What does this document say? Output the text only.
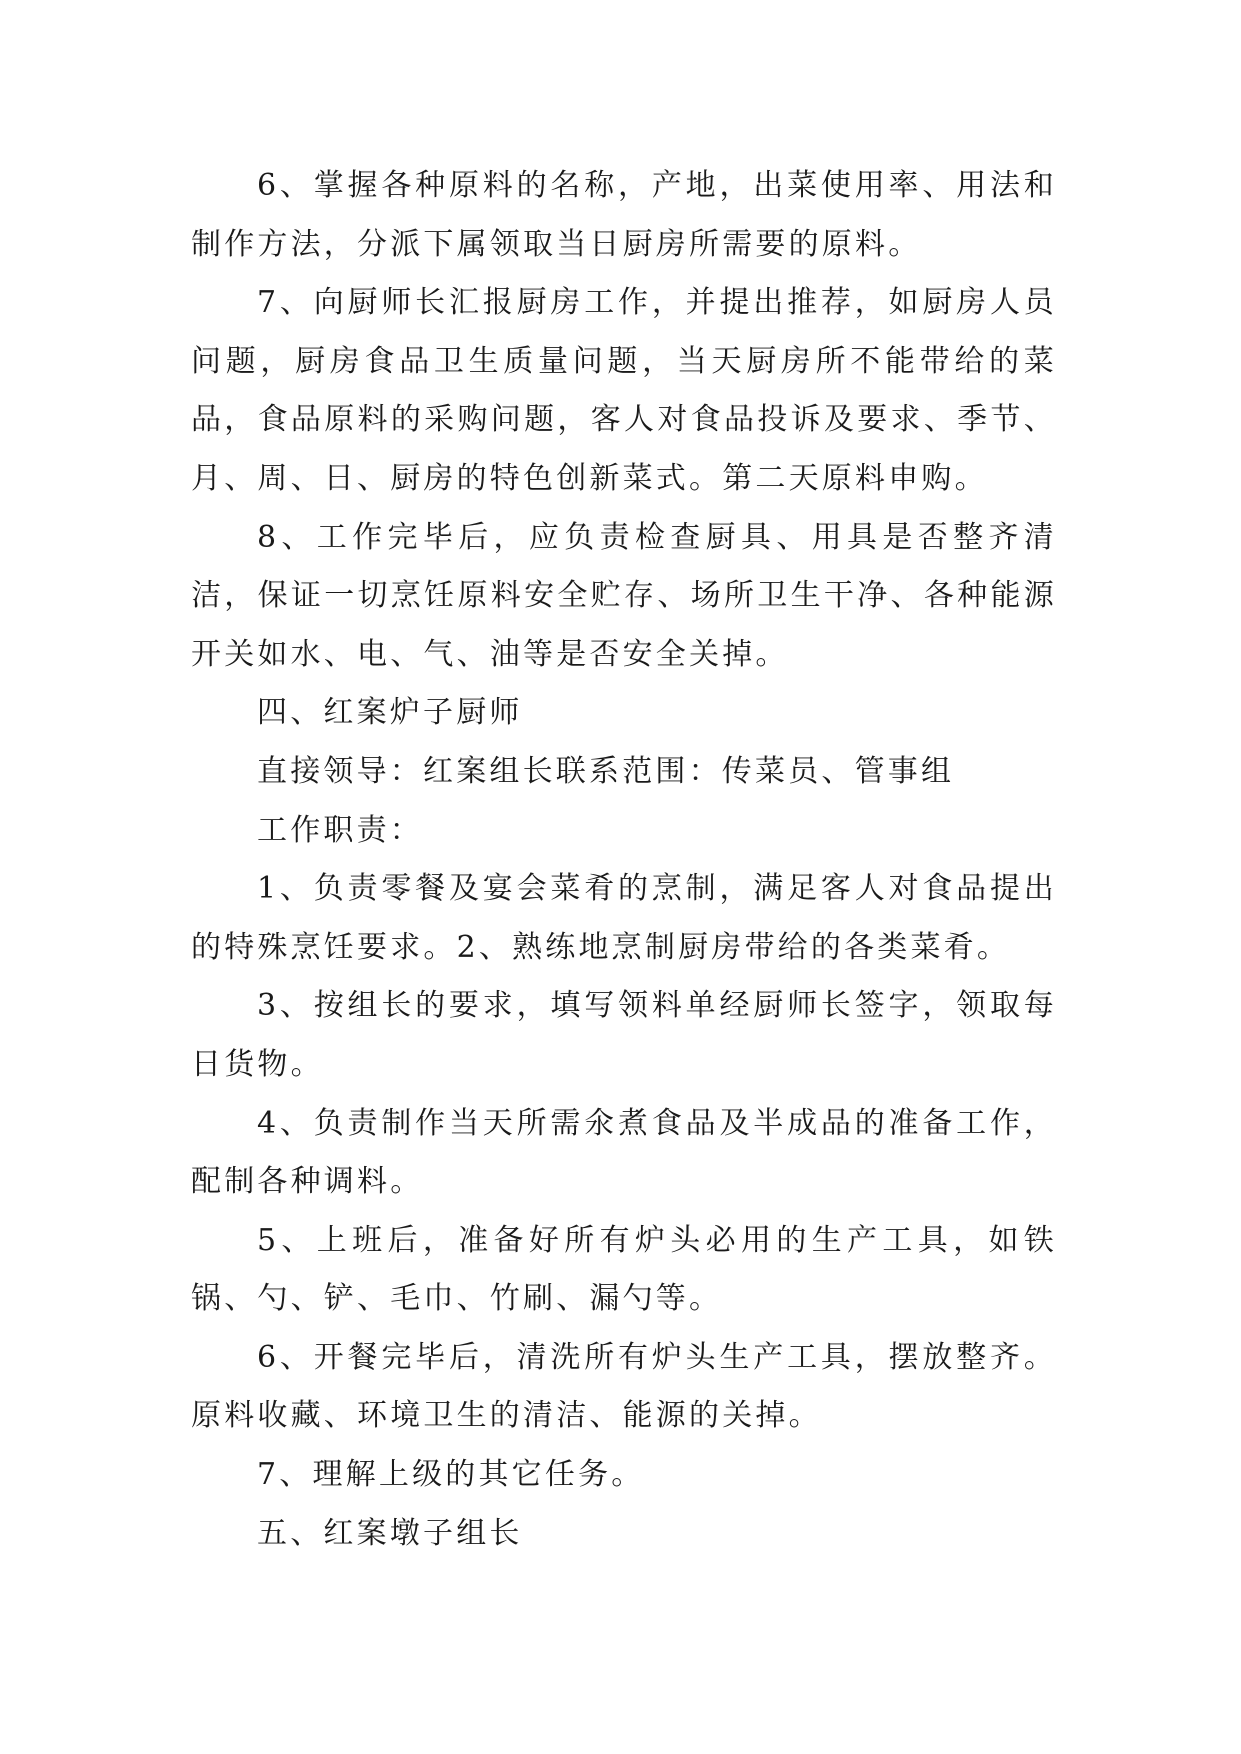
6、掌握各种原料的名称，产地，出菜使用率、用法和制作方法，分派下属领取当日厨房所需要的原料。

7、向厨师长汇报厨房工作，并提出推荐，如厨房人员问题，厨房食品卫生质量问题，当天厨房所不能带给的菜品，食品原料的采购问题，客人对食品投诉及要求、季节、月、周、日、厨房的特色创新菜式。第二天原料申购。

8、工作完毕后，应负责检查厨具、用具是否整齐清洁，保证一切烹饪原料安全贮存、场所卫生干净、各种能源开关如水、电、气、油等是否安全关掉。

四、红案炉子厨师

直接领导：红案组长联系范围：传菜员、管事组

工作职责：

1、负责零餐及宴会菜肴的烹制，满足客人对食品提出的特殊烹饪要求。2、熟练地烹制厨房带给的各类菜肴。

3、按组长的要求，填写领料单经厨师长签字，领取每日货物。

4、负责制作当天所需氽煮食品及半成品的准备工作，配制各种调料。

5、上班后，准备好所有炉头必用的生产工具，如铁锅、勺、铲、毛巾、竹刷、漏勺等。

6、开餐完毕后，清洗所有炉头生产工具，摆放整齐。原料收藏、环境卫生的清洁、能源的关掉。

7、理解上级的其它任务。

五、红案墩子组长
